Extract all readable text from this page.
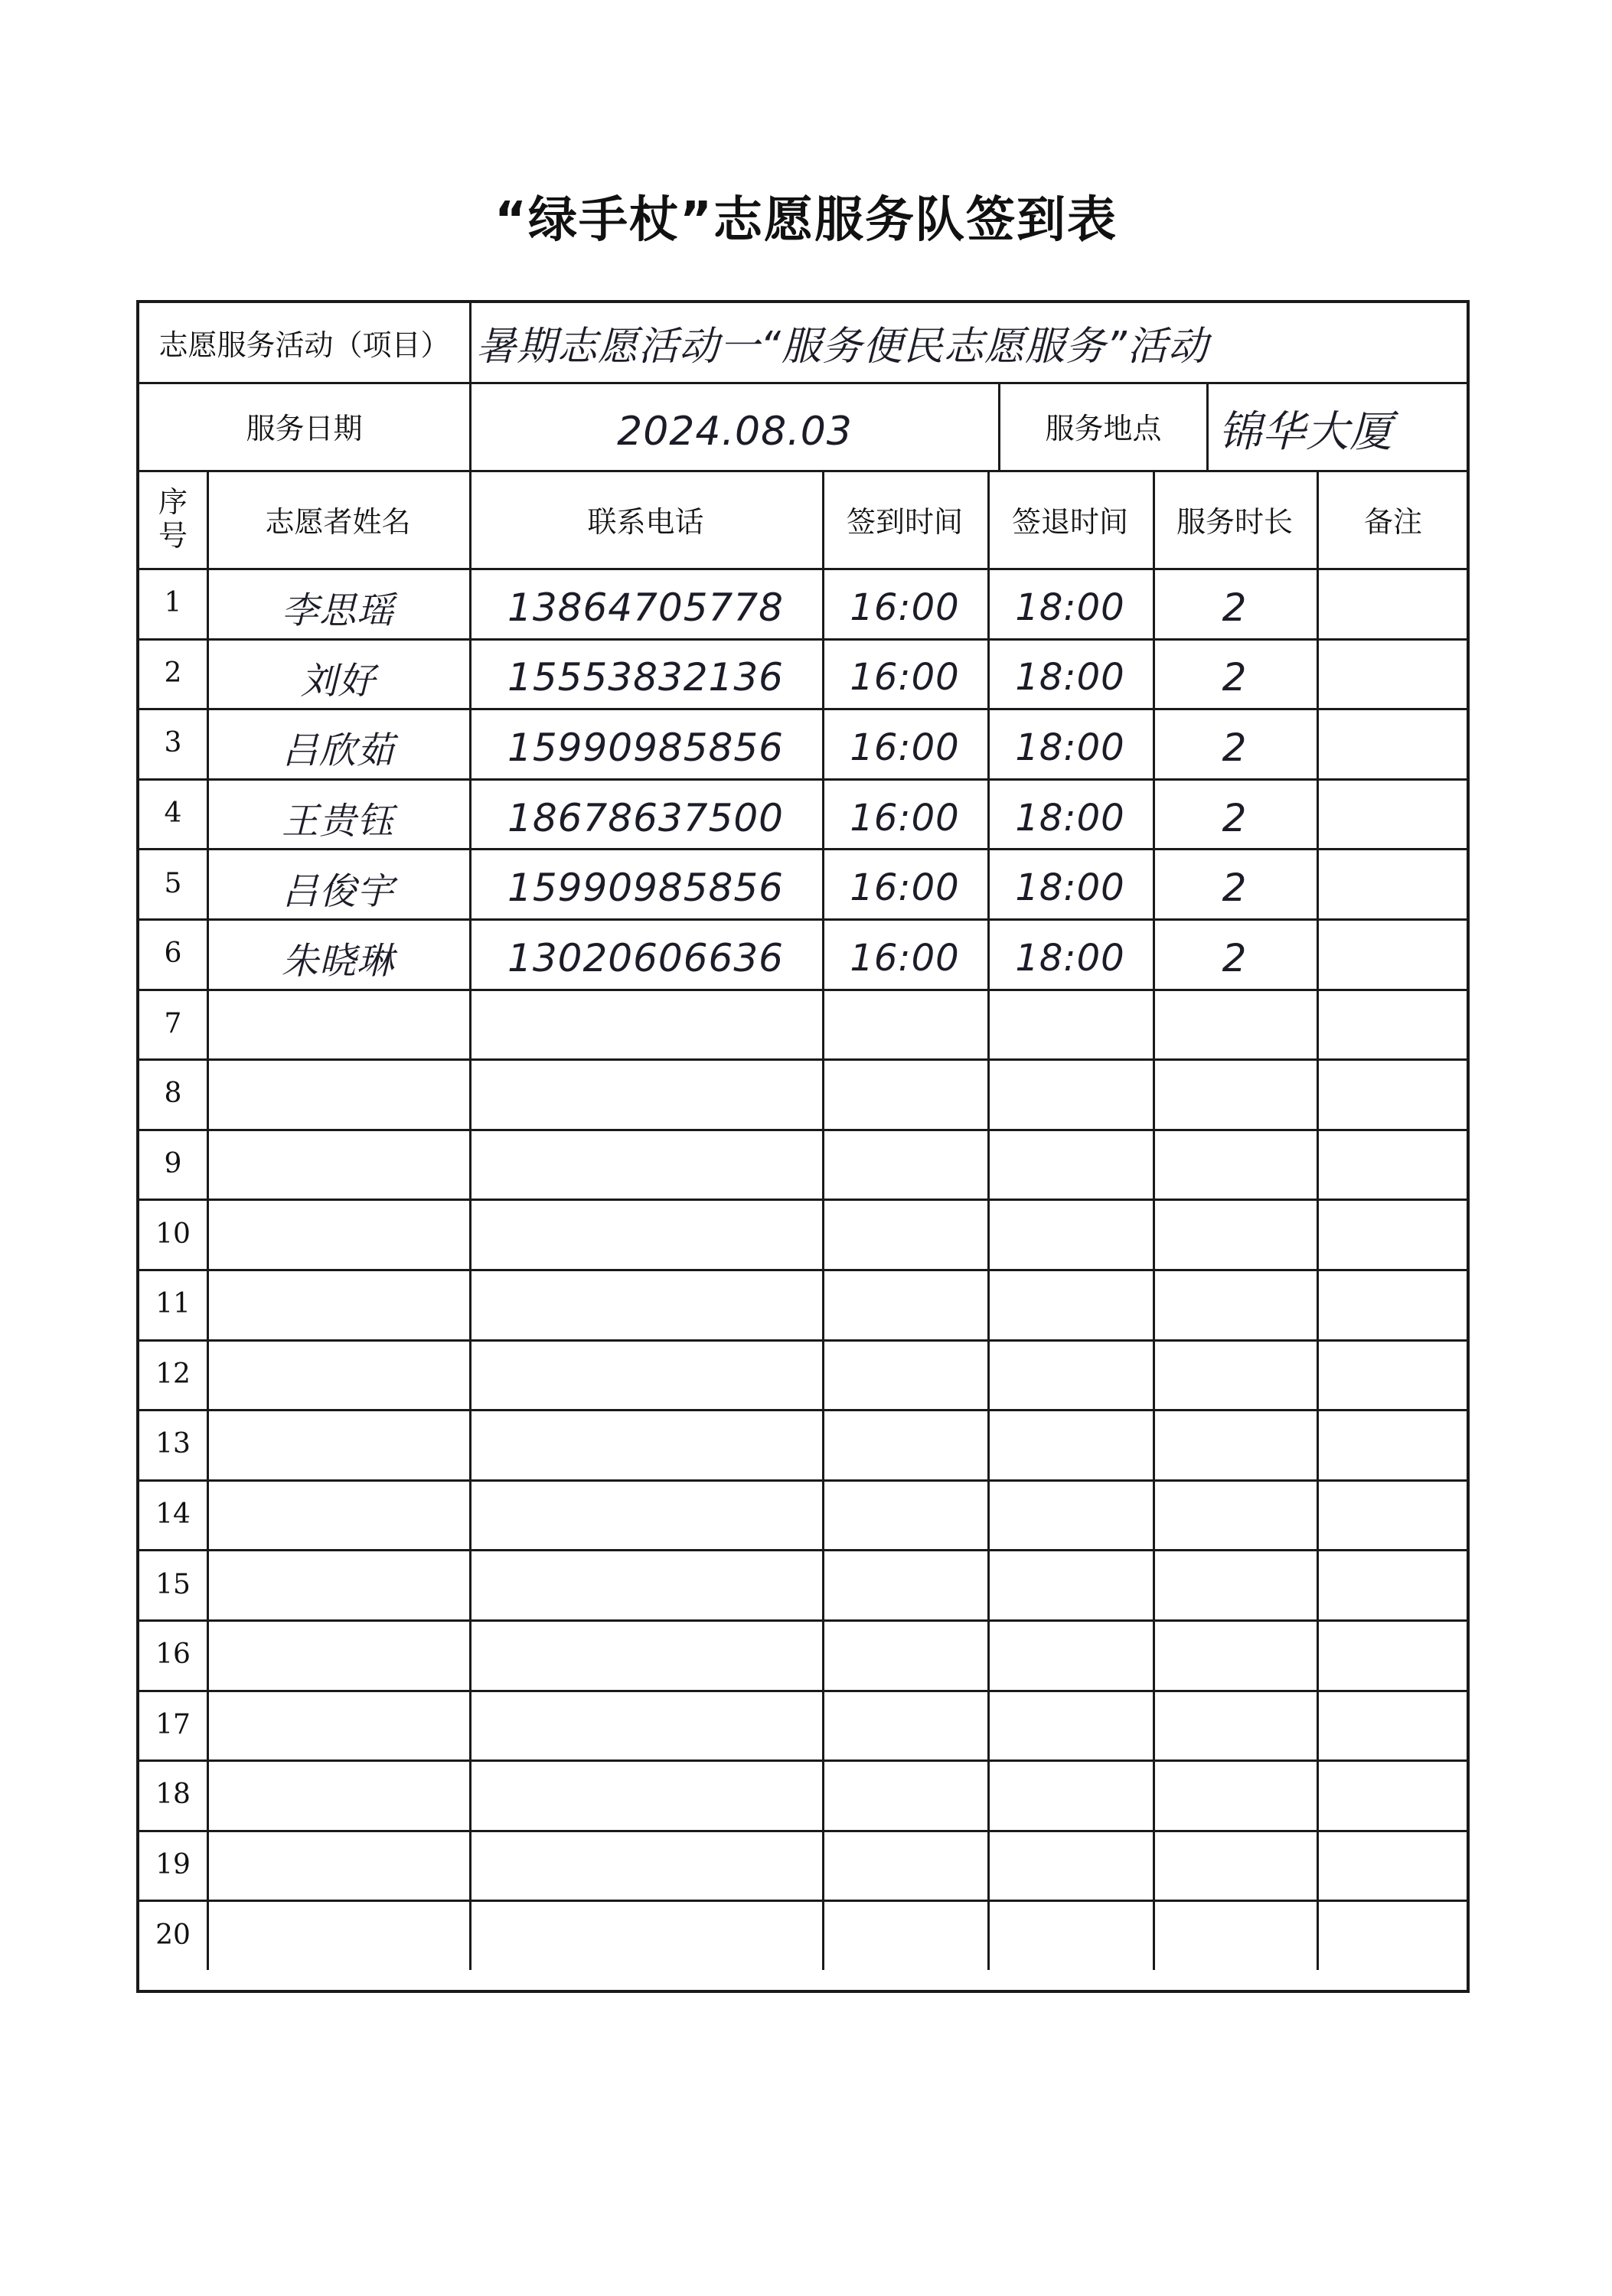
“绿手杖”志愿服务队签到表
志愿服务活动（项目） 暑期志愿活动一“服务便民志愿服务”活动
服务日期	2024.08.03	服务地点	锦华大厦
序号	志愿者姓名	联系电话	签到时间 签退时间 服务时长 备注
1	李思瑶	13864705778	16:00	18:00	2
2	刘好	15553832136	16:00	18:00	2
3	吕欣茹	15990985856	16:00	18:00	2
4	王贵钰	18678637500	16:00	18:00	2
5	吕俊宇	15990985856	16:00	18:00	2
6	朱晓琳	13020606636	16:00	18:00	2
7
8
9
10
11
12
13
14
15
16
17
18
19
20
